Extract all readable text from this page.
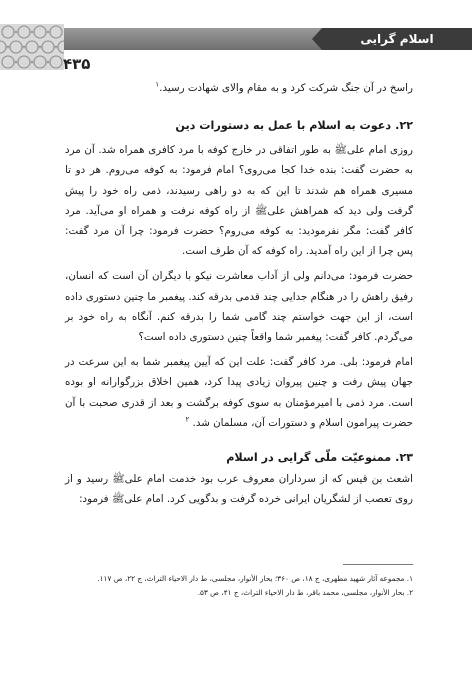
اسلام گرایی
۴۳۵

راسخ در آن جنگ شرکت کرد و به مقام والای شهادت رسید.$^۱$

۲۲. دعوت به اسلام با عمل به دستورات دین

روزی امام علیﷺ به طور اتفاقی در خارج کوفه با مرد کافری همراه شد. آن مرد به حضرت گفت: بنده خدا کجا می‌روی؟ امام فرمود: به کوفه می‌روم. هر دو تا مسیری همراه هم شدند تا این که به دو راهی رسیدند، ذمی راه خود را پیش گرفت ولی دید که همراهش علیﷺ از راه کوفه نرفت و همراه او می‌آید. مرد کافر گفت: مگر نفرمودید: به کوفه می‌روم؟ حضرت فرمود: چرا آن مرد گفت: پس چرا از این راه آمدید. راه کوفه که آن طرف است.

حضرت فرمود: می‌دانم ولی از آداب معاشرت نیکو با دیگران آن است که انسان، رفیق راهش را در هنگام جدایی چند قدمی بدرقه کند. پیغمبر ما چنین دستوری داده است، از این جهت خواستم چند گامی شما را بدرقه کنم. آنگاه به راه خود بر می‌گردم. کافر گفت: پیغمبر شما واقعاً چنین دستوری داده است؟

امام فرمود: بلی. مرد کافر گفت: علت این که آیین پیغمبر شما به این سرعت در جهان پیش رفت و چنین پیروان زیادی پیدا کرد، همین اخلاق بزرگوارانه او بوده است. مرد ذمی با امیرمؤمنان به سوی کوفه برگشت و بعد از قدری صحبت با آن حضرت پیرامون اسلام و دستورات آن، مسلمان شد. $^۲$

۲۳. ممنوعیّت ملّی گرایی در اسلام

اشعث بن قیس که از سرداران معروف عرب بود خدمت امام علیﷺ رسید و از روی تعصب از لشگریان ایرانی خرده گرفت و بدگویی کرد. امام علیﷺ فرمود:

۱. مجموعه آثار شهید مطهری، ج ۱۸، ص ۳۶۰؛ بحار الأنوار، مجلسی، ط دار الاحیاء التراث، ج ۲۲، ص ۱۱۷.

۲. بحار الأنوار، مجلسی، محمد باقر، ط دار الاحیاء التراث، ج ۴۱، ص ۵۳.
